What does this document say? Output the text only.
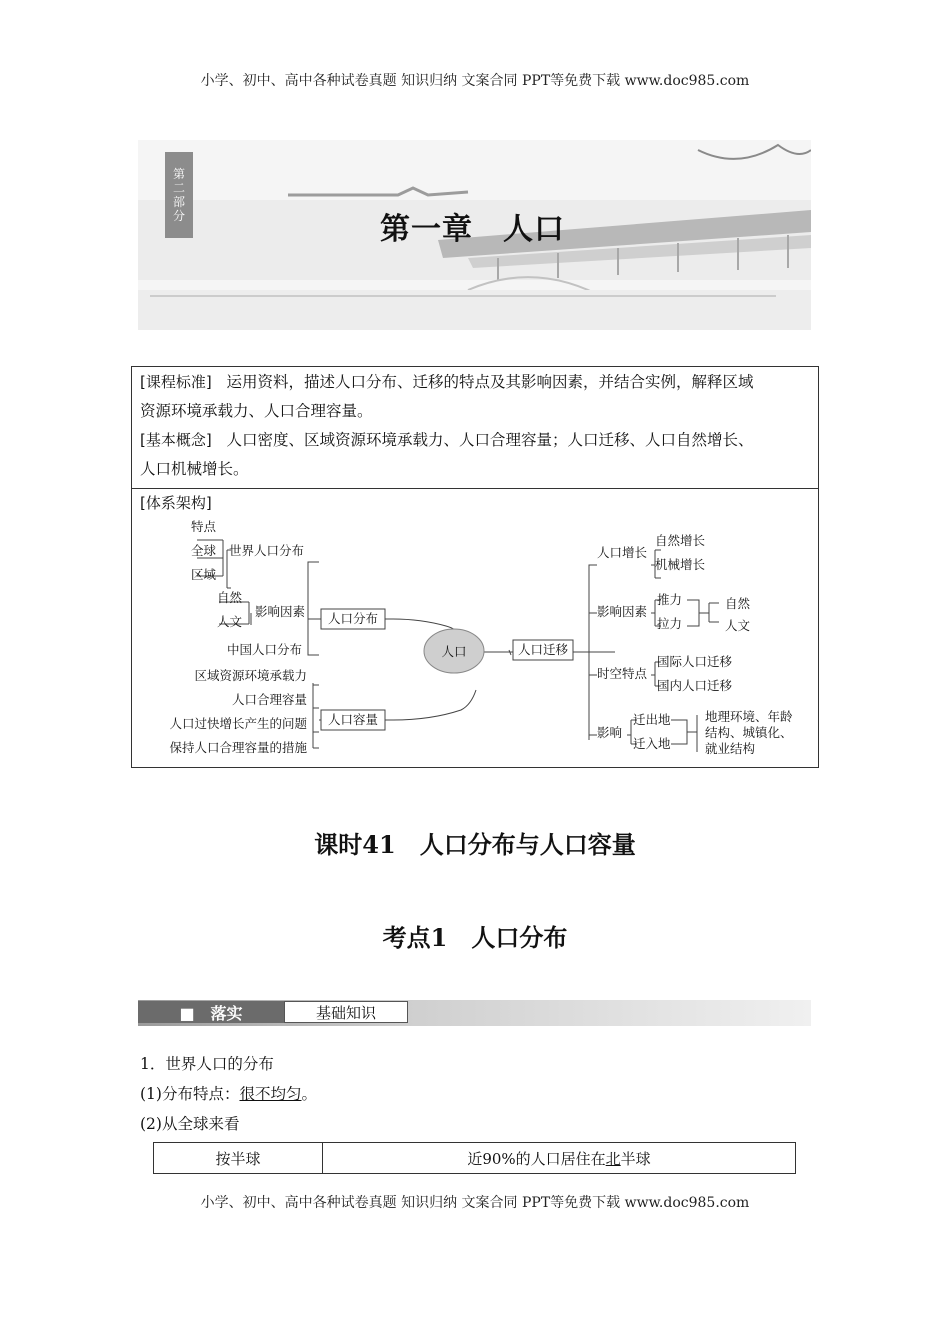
小学、初中、高中各种试卷真题 知识归纳 文案合同 PPT等免费下载 www.doc985.com
第
二
部
分	第一章 人口
[课程标准] 运用资料，描述人口分布、迁移的特点及其影响因素，并结合实例，解释区域
资源环境承载力、人口合理容量。
[基本概念] 人口密度、区域资源环境承载力、人口合理容量；人口迁移、人口自然增长、
人口机械增长。
[体系架构]
人口
人口分布
人口迁移
人口容量
世界人口分布
特点
全球
区域
影响因素
自然
人文
中国人口分布
区域资源环境承载力
人口合理容量
人口过快增长产生的问题
保持人口合理容量的措施
人口增长
自然增长
机械增长
影响因素
推力
拉力
自然
人文
时空特点
国际人口迁移
国内人口迁移
影响
迁出地
迁入地
地理环境、年龄
结构、城镇化、
就业结构
课时41　人口分布与人口容量
考点1　人口分布
■　落实	基础知识
1．世界人口的分布
(1)分布特点：很不均匀。
(2)从全球来看
按半球	近90%的人口居住在 北 半球
小学、初中、高中各种试卷真题 知识归纳 文案合同 PPT等免费下载 www.doc985.com
